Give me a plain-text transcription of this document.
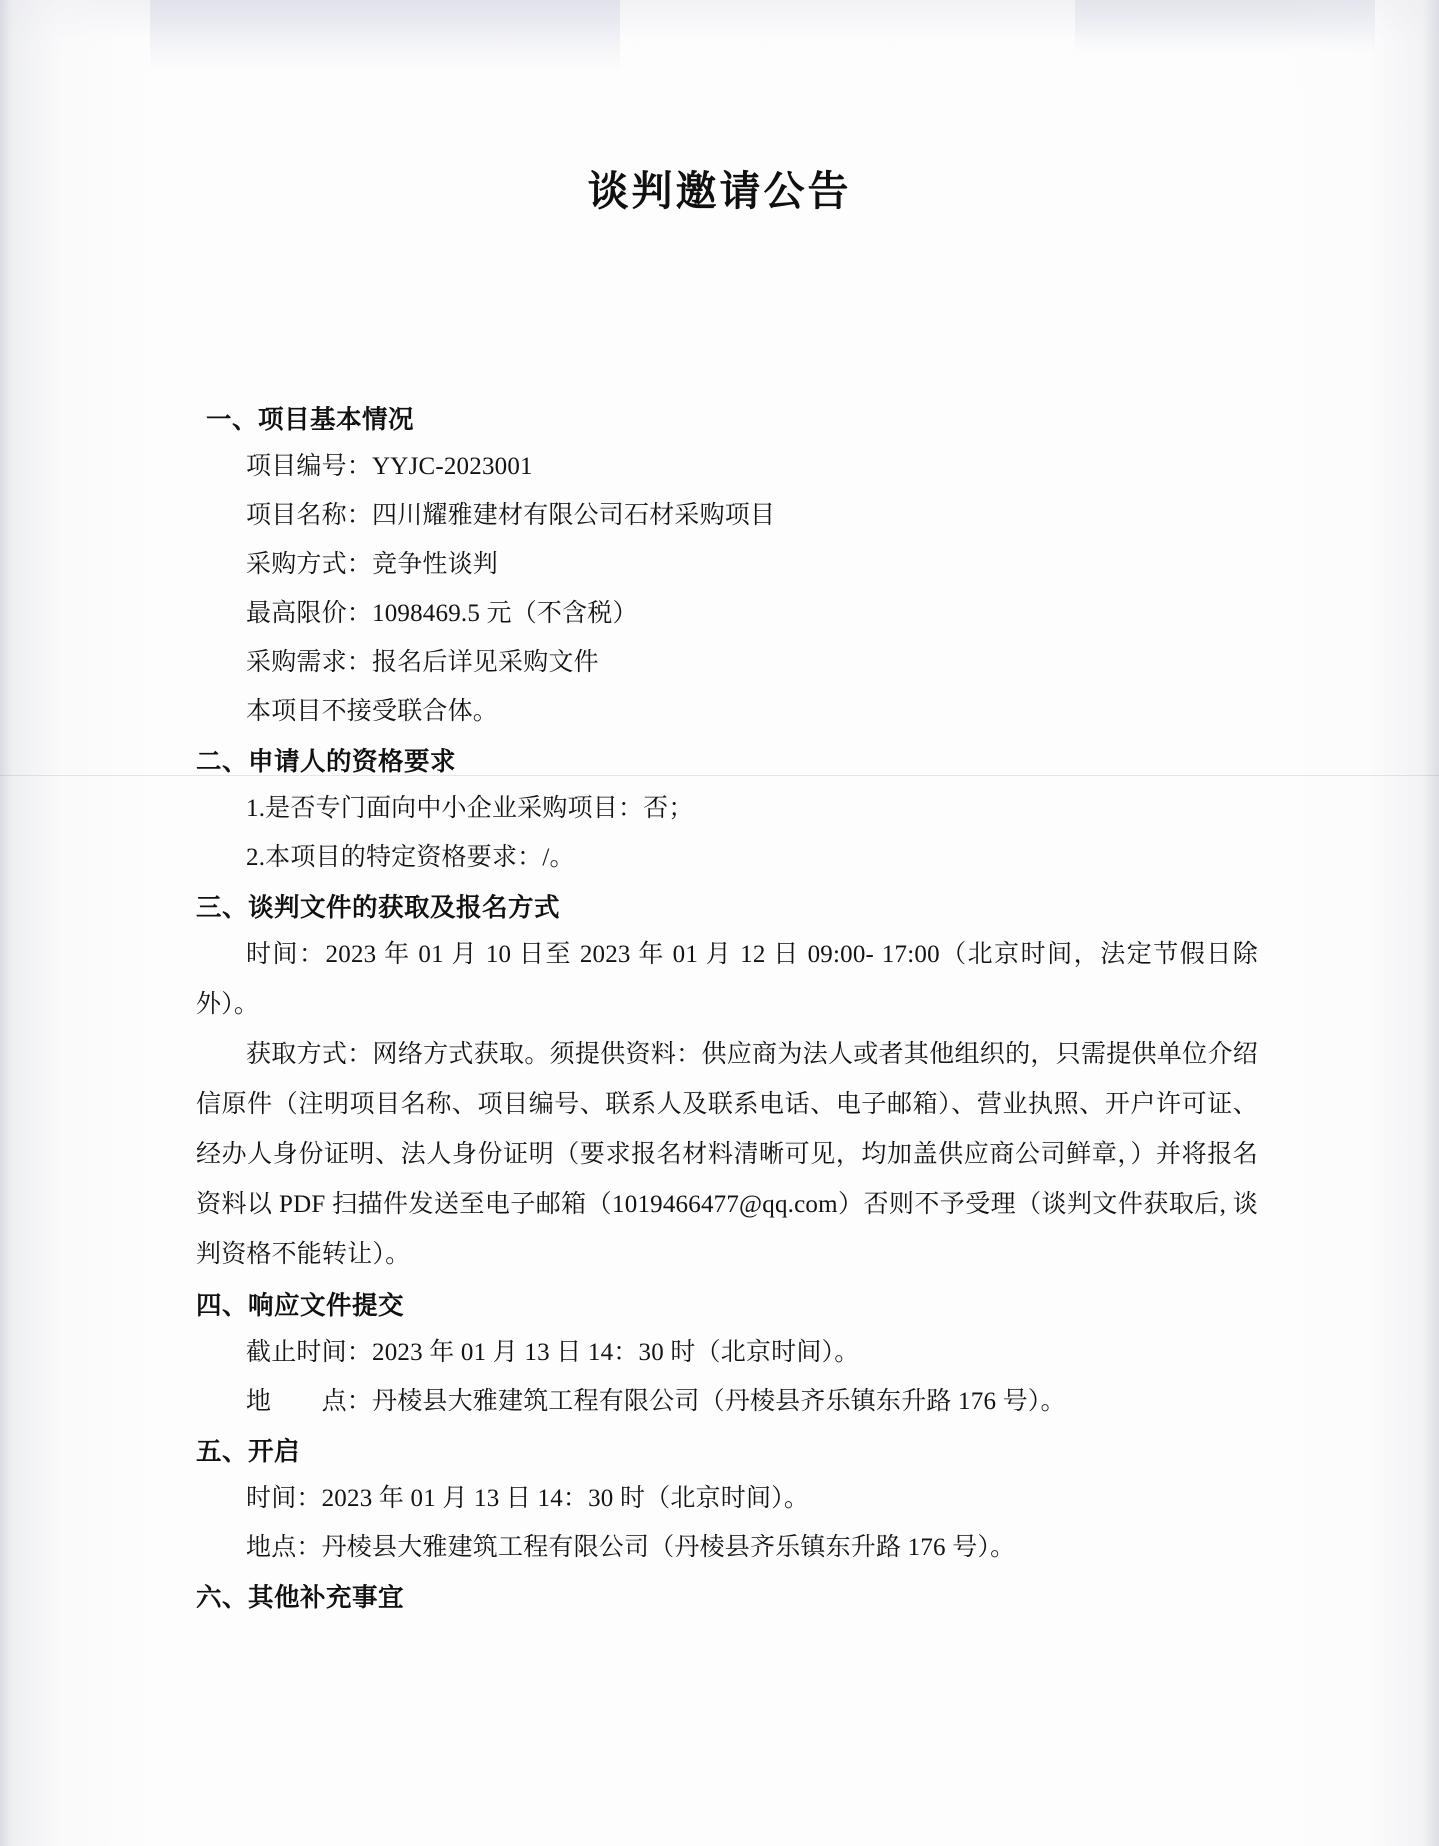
谈判邀请公告
一、项目基本情况
项目编号：YYJC-2023001
项目名称：四川耀雅建材有限公司石材采购项目
采购方式：竞争性谈判
最高限价：1098469.5 元（不含税）
采购需求：报名后详见采购文件
本项目不接受联合体。
二、申请人的资格要求
1.是否专门面向中小企业采购项目：否；
2.本项目的特定资格要求：/。
三、谈判文件的获取及报名方式
时间：2023 年 01 月 10 日至 2023 年 01 月 12 日 09:00- 17:00（北京时间，法定节假日除外）。
获取方式：网络方式获取。须提供资料：供应商为法人或者其他组织的，只需提供单位介绍信原件（注明项目名称、项目编号、联系人及联系电话、电子邮箱）、营业执照、开户许可证、经办人身份证明、法人身份证明（要求报名材料清晰可见，均加盖供应商公司鲜章，）并将报名资料以 PDF 扫描件发送至电子邮箱（1019466477@qq.com）否则不予受理（谈判文件获取后, 谈判资格不能转让）。
四、响应文件提交
截止时间：2023 年 01 月 13 日 14：30 时（北京时间）。
地　　点：丹棱县大雅建筑工程有限公司（丹棱县齐乐镇东升路 176 号）。
五、开启
时间：2023 年 01 月 13 日 14：30 时（北京时间）。
地点：丹棱县大雅建筑工程有限公司（丹棱县齐乐镇东升路 176 号）。
六、其他补充事宜
